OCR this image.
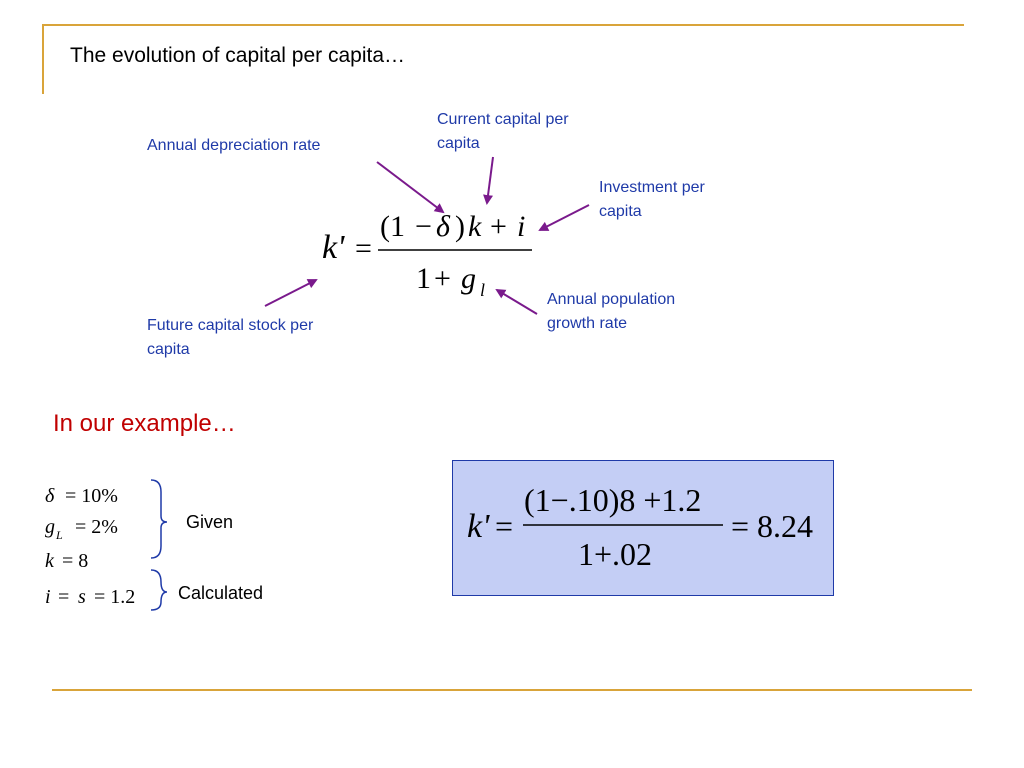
The evolution of capital per capita…
Annual depreciation rate
Current capital per
capita
Investment per
capita
Annual population
growth rate
Future capital stock per
capita
k' =
(1 − δ ) k + i
1 + g l
In our example…
δ = 10%
g L = 2%
k = 8
i = s = 1.2
Given
Calculated
k' =
(1−.10)8 +1.2
1+.02
= 8.24
